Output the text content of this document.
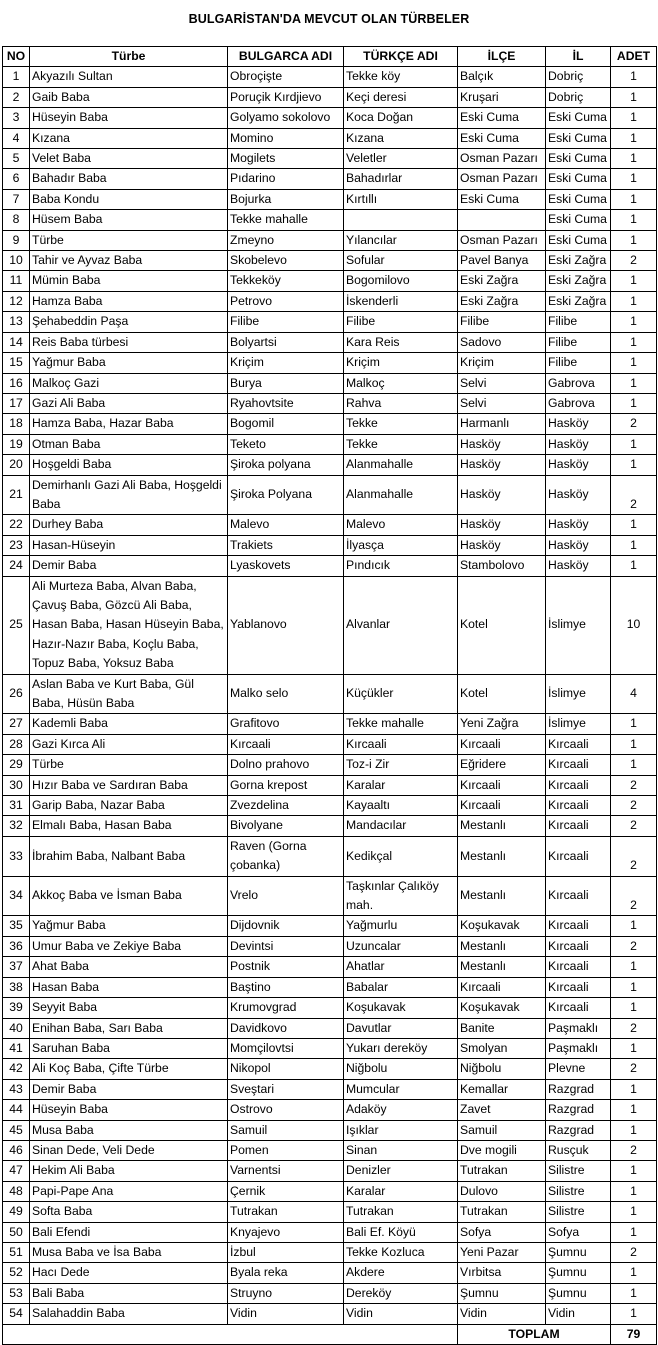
BULGARİSTAN'DA MEVCUT OLAN TÜRBELER
NO	Türbe	BULGARCA ADI	TÜRKÇE ADI	İLÇE	İL	ADET
1	Akyazılı Sultan	Obroçişte	Tekke köy	Balçık	Dobriç	1
2	Gaib Baba	Poruçik Kırdjievo	Keçi deresi	Kruşari	Dobriç	1
3	Hüseyin Baba	Golyamo sokolovo	Koca Doğan	Eski Cuma	Eski Cuma	1
4	Kızana	Momino	Kızana	Eski Cuma	Eski Cuma	1
5	Velet Baba	Mogilets	Veletler	Osman Pazarı	Eski Cuma	1
6	Bahadır Baba	Pıdarino	Bahadırlar	Osman Pazarı	Eski Cuma	1
7	Baba Kondu	Bojurka	Kırtıllı	Eski Cuma	Eski Cuma	1
8	Hüsem Baba	Tekke mahalle			Eski Cuma	1
9	Türbe	Zmeyno	Yılancılar	Osman Pazarı	Eski Cuma	1
10	Tahir ve Ayvaz Baba	Skobelevo	Sofular	Pavel Banya	Eski Zağra	2
11	Mümin Baba	Tekkeköy	Bogomilovo	Eski Zağra	Eski Zağra	1
12	Hamza Baba	Petrovo	İskenderli	Eski Zağra	Eski Zağra	1
13	Şehabeddin Paşa	Filibe	Filibe	Filibe	Filibe	1
14	Reis Baba türbesi	Bolyartsi	Kara Reis	Sadovo	Filibe	1
15	Yağmur Baba	Kriçim	Kriçim	Kriçim	Filibe	1
16	Malkoç Gazi	Burya	Malkoç	Selvi	Gabrova	1
17	Gazi Ali Baba	Ryahovtsite	Rahva	Selvi	Gabrova	1
18	Hamza Baba, Hazar Baba	Bogomil	Tekke	Harmanlı	Hasköy	2
19	Otman Baba	Teketo	Tekke	Hasköy	Hasköy	1
20	Hoşgeldi Baba	Şiroka polyana	Alanmahalle	Hasköy	Hasköy	1
21	Demirhanlı Gazi Ali Baba, Hoşgeldi Baba	Şiroka Polyana	Alanmahalle	Hasköy	Hasköy	2
22	Durhey Baba	Malevo	Malevo	Hasköy	Hasköy	1
23	Hasan-Hüseyin	Trakiets	İlyasça	Hasköy	Hasköy	1
24	Demir Baba	Lyaskovets	Pındıcık	Stambolovo	Hasköy	1
25	Ali Murteza Baba, Alvan Baba, Çavuş Baba, Gözcü Ali Baba, Hasan Baba, Hasan Hüseyin Baba, Hazır-Nazır Baba, Koçlu Baba, Topuz Baba, Yoksuz Baba	Yablanovo	Alvanlar	Kotel	İslimye	10
26	Aslan Baba ve Kurt Baba, Gül Baba, Hüsün Baba	Malko selo	Küçükler	Kotel	İslimye	4
27	Kademli Baba	Grafitovo	Tekke mahalle	Yeni Zağra	İslimye	1
28	Gazi Kırca Ali	Kırcaali	Kırcaali	Kırcaali	Kırcaali	1
29	Türbe	Dolno prahovo	Toz-i Zir	Eğridere	Kırcaali	1
30	Hızır Baba ve Sardıran Baba	Gorna krepost	Karalar	Kırcaali	Kırcaali	2
31	Garip Baba, Nazar Baba	Zvezdelina	Kayaaltı	Kırcaali	Kırcaali	2
32	Elmalı Baba, Hasan Baba	Bivolyane	Mandacılar	Mestanlı	Kırcaali	2
33	İbrahim Baba, Nalbant Baba	Raven (Gorna çobanka)	Kedikçal	Mestanlı	Kırcaali	2
34	Akkoç Baba ve İsman Baba	Vrelo	Taşkınlar Çalıköy mah.	Mestanlı	Kırcaali	2
35	Yağmur Baba	Dijdovnik	Yağmurlu	Koşukavak	Kırcaali	1
36	Umur Baba ve Zekiye Baba	Devintsi	Uzuncalar	Mestanlı	Kırcaali	2
37	Ahat Baba	Postnik	Ahatlar	Mestanlı	Kırcaali	1
38	Hasan Baba	Baştino	Babalar	Kırcaali	Kırcaali	1
39	Seyyit Baba	Krumovgrad	Koşukavak	Koşukavak	Kırcaali	1
40	Enihan Baba, Sarı Baba	Davidkovo	Davutlar	Banite	Paşmaklı	2
41	Saruhan Baba	Momçilovtsi	Yukarı dereköy	Smolyan	Paşmaklı	1
42	Ali Koç Baba, Çifte Türbe	Nikopol	Niğbolu	Niğbolu	Plevne	2
43	Demir Baba	Sveştari	Mumcular	Kemallar	Razgrad	1
44	Hüseyin Baba	Ostrovo	Adaköy	Zavet	Razgrad	1
45	Musa Baba	Samuil	Işıklar	Samuil	Razgrad	1
46	Sinan Dede, Veli Dede	Pomen	Sinan	Dve mogili	Rusçuk	2
47	Hekim Ali Baba	Varnentsi	Denizler	Tutrakan	Silistre	1
48	Papi-Pape Ana	Çernik	Karalar	Dulovo	Silistre	1
49	Softa Baba	Tutrakan	Tutrakan	Tutrakan	Silistre	1
50	Bali Efendi	Knyajevo	Bali Ef. Köyü	Sofya	Sofya	1
51	Musa Baba ve İsa Baba	İzbul	Tekke Kozluca	Yeni Pazar	Şumnu	2
52	Hacı Dede	Byala reka	Akdere	Vırbitsa	Şumnu	1
53	Bali Baba	Struyno	Dereköy	Şumnu	Şumnu	1
54	Salahaddin Baba	Vidin	Vidin	Vidin	Vidin	1
				TOPLAM		79
